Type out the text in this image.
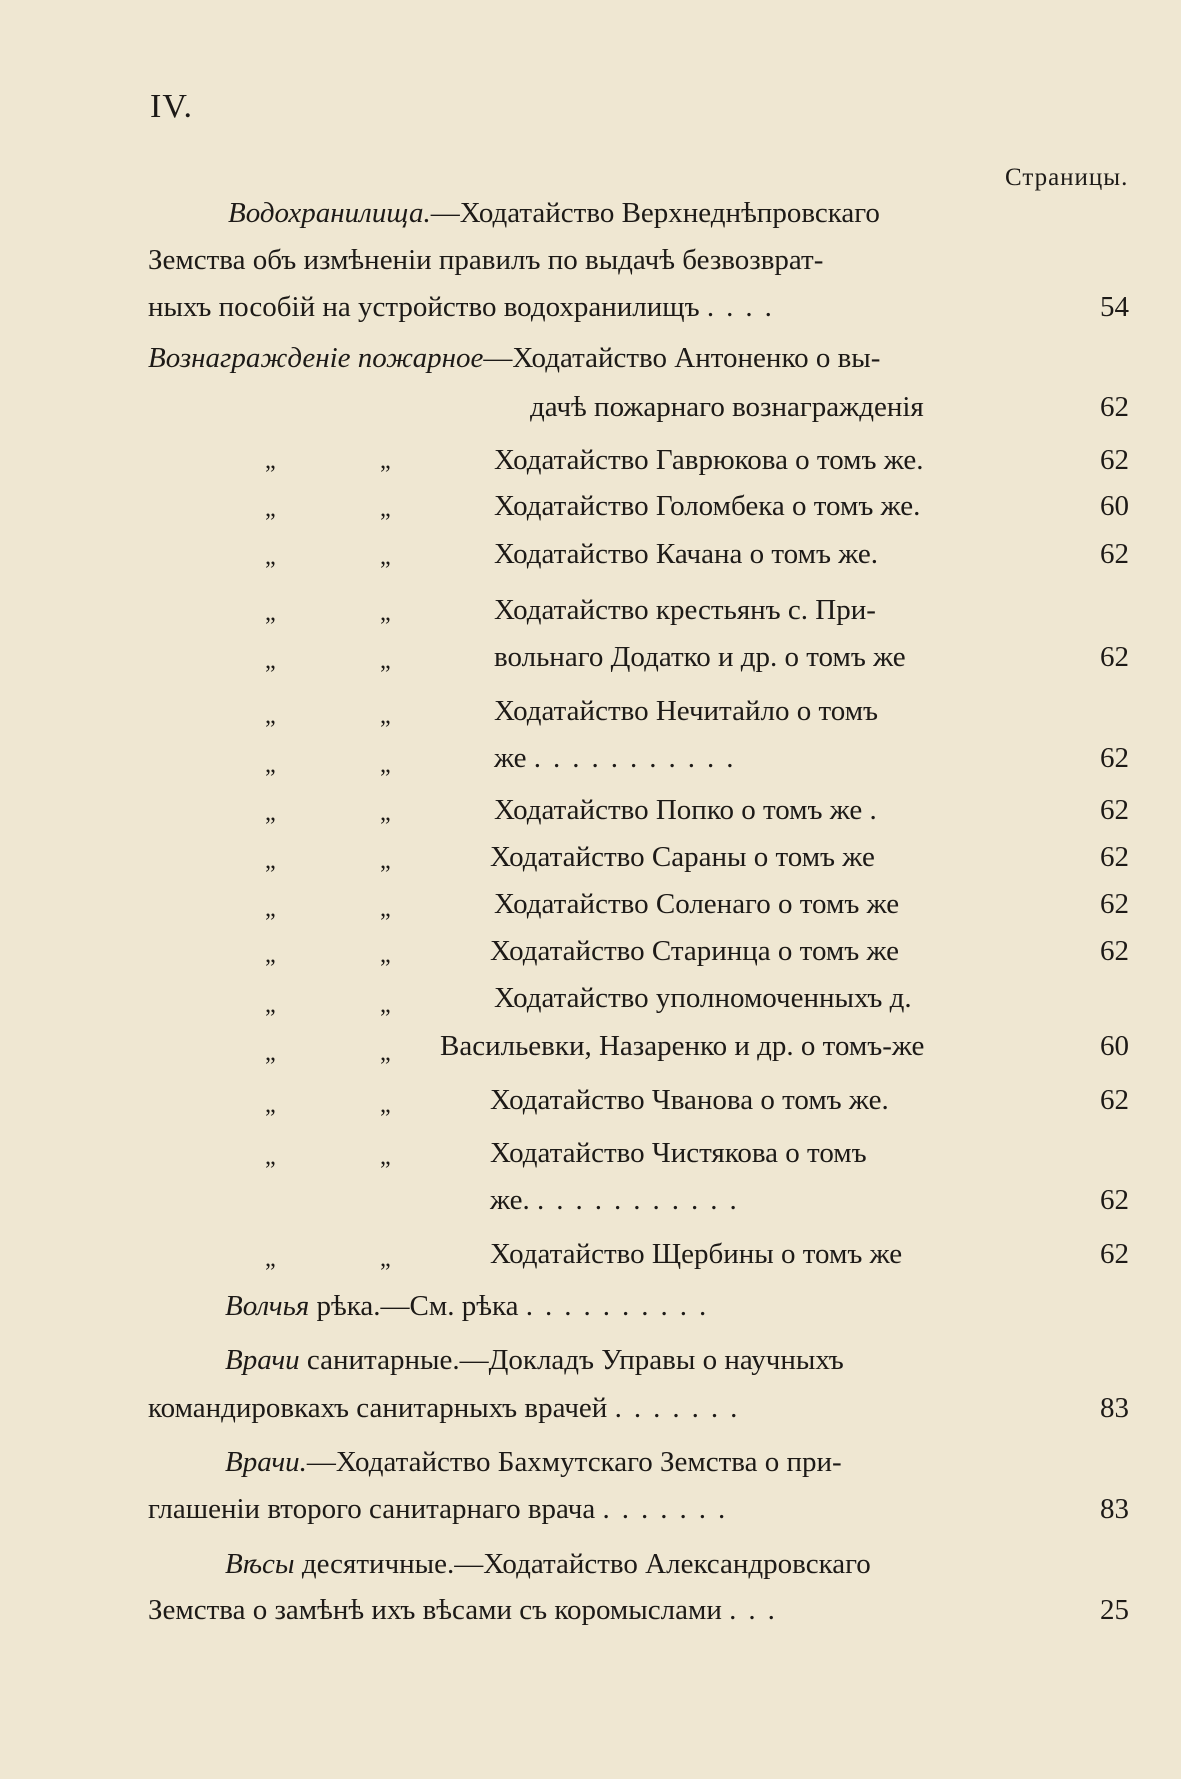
IV.
Страницы.
Водохранилища.—Ходатайство Верхнеднѣпровскаго
Земства объ измѣненіи правилъ по выдачѣ безвозврат-
ныхъ пособій на устройство водохранилищъ ....	54
Вознагражденіе пожарное—Ходатайство Антоненко о вы-
дачѣ пожарнаго вознагражденія	62
„	„	Ходатайство Гаврюкова о томъ же.	62
„	„	Ходатайство Голомбека о томъ же.	60
„	„	Ходатайство Качана о томъ же.	62
„	„	Ходатайство крестьянъ с. При-
„	„	вольнаго Додатко и др. о томъ же	62
„	„	Ходатайство Нечитайло о томъ
„	„	же ...........	62
„	„	Ходатайство Попко о томъ же .	62
„	„	Ходатайство Сараны о томъ же	62
„	„	Ходатайство Соленаго о томъ же	62
„	„	Ходатайство Старинца о томъ же	62
„	„	Ходатайство уполномоченныхъ д.
„	„ Васильевки, Назаренко и др. о томъ-же	60
„	„	Ходатайство Чванова о томъ же.	62
„	„	Ходатайство Чистякова о томъ
же. ...........	62
„	„	Ходатайство Щербины о томъ же	62
Волчья рѣка.—См. рѣка ..........
Врачи санитарные.—Докладъ Управы о научныхъ
командировкахъ санитарныхъ врачей .......	83
Врачи.—Ходатайство Бахмутскаго Земства о при-
глашеніи второго санитарнаго врача .......	83
Вѣсы десятичные.—Ходатайство Александровскаго
Земства о замѣнѣ ихъ вѣсами съ коромыслами ...	25
